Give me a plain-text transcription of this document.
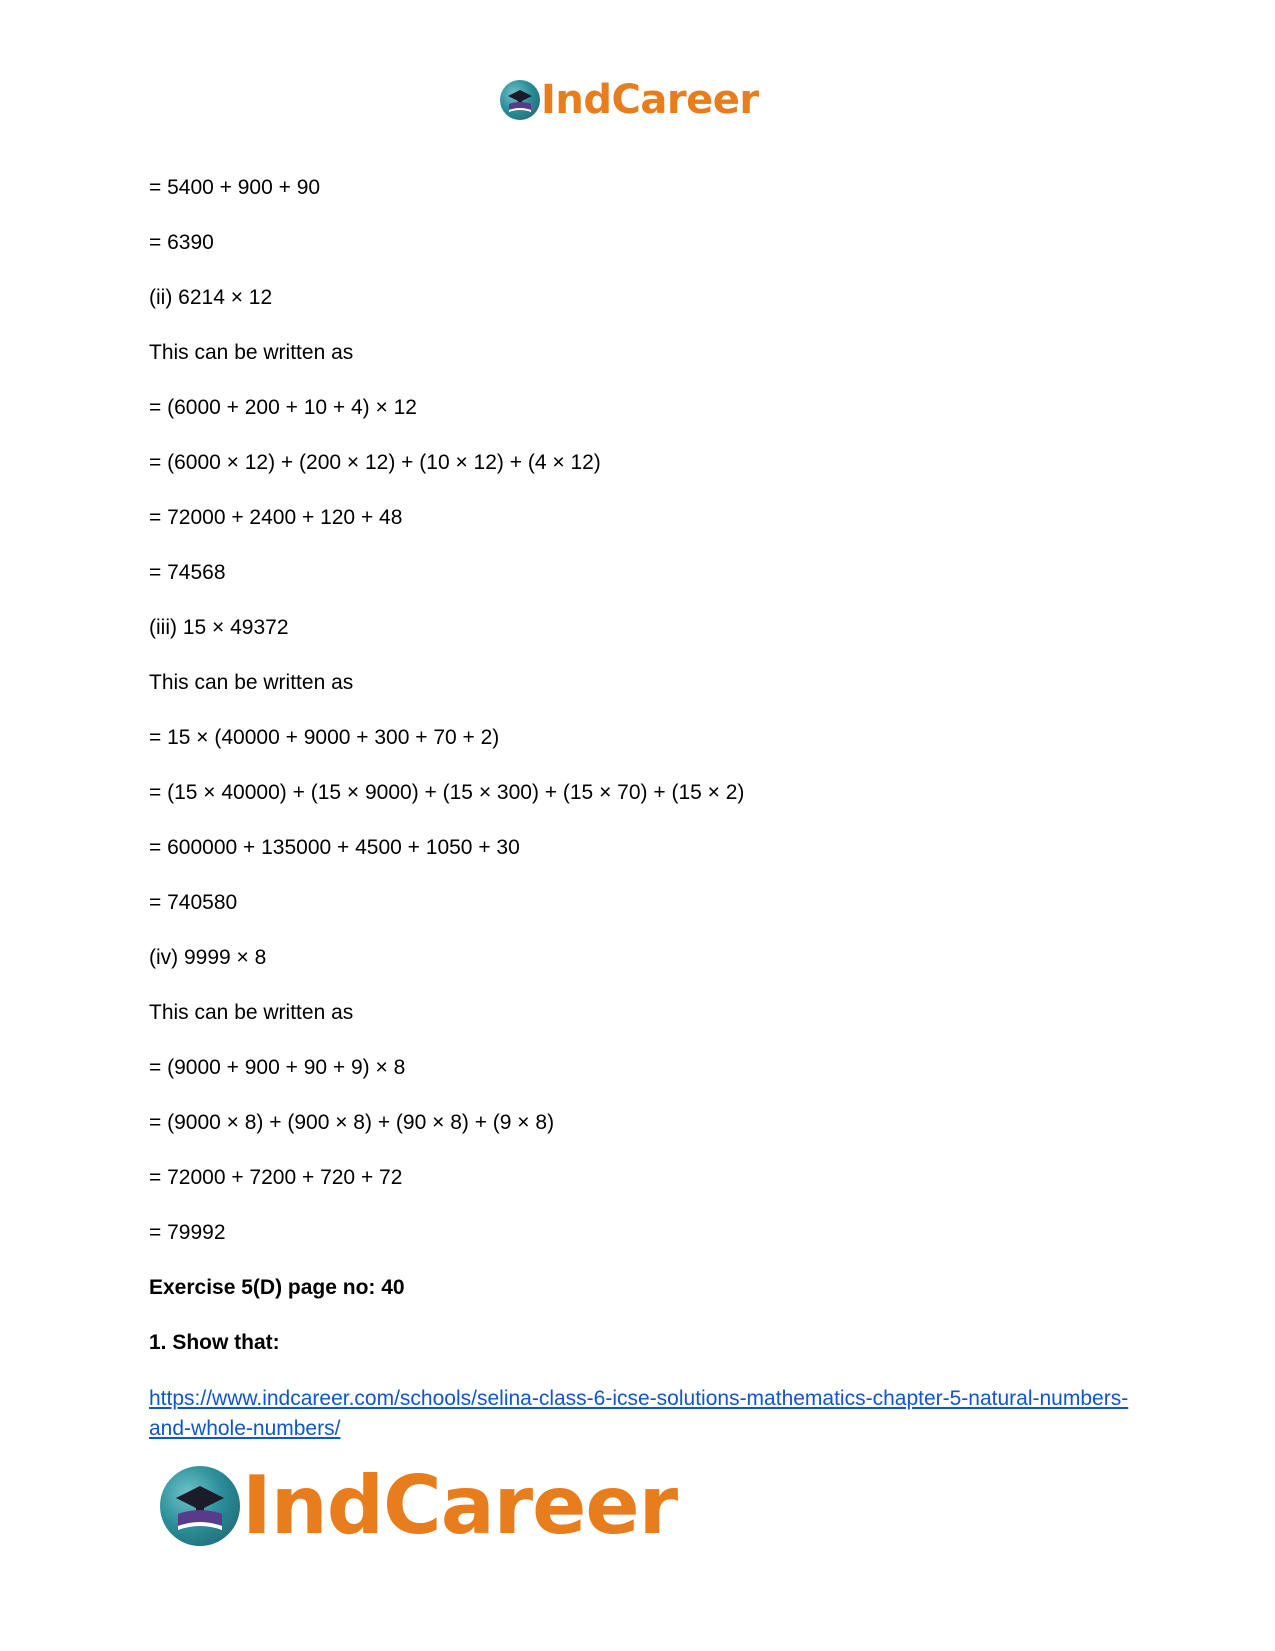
IndCareer
= 5400 + 900 + 90
= 6390
(ii) 6214 × 12
This can be written as
= (6000 + 200 + 10 + 4) × 12
= (6000 × 12) + (200 × 12) + (10 × 12) + (4 × 12)
= 72000 + 2400 + 120 + 48
= 74568
(iii) 15 × 49372
This can be written as
= 15 × (40000 + 9000 + 300 + 70 + 2)
= (15 × 40000) + (15 × 9000) + (15 × 300) + (15 × 70) + (15 × 2)
= 600000 + 135000 + 4500 + 1050 + 30
= 740580
(iv) 9999 × 8
This can be written as
= (9000 + 900 + 90 + 9) × 8
= (9000 × 8) + (900 × 8) + (90 × 8) + (9 × 8)
= 72000 + 7200 + 720 + 72
= 79992
Exercise 5(D) page no: 40
1. Show that:
https://www.indcareer.com/schools/selina-class-6-icse-solutions-mathematics-chapter-5-natural-numbers-and-whole-numbers/
IndCareer
